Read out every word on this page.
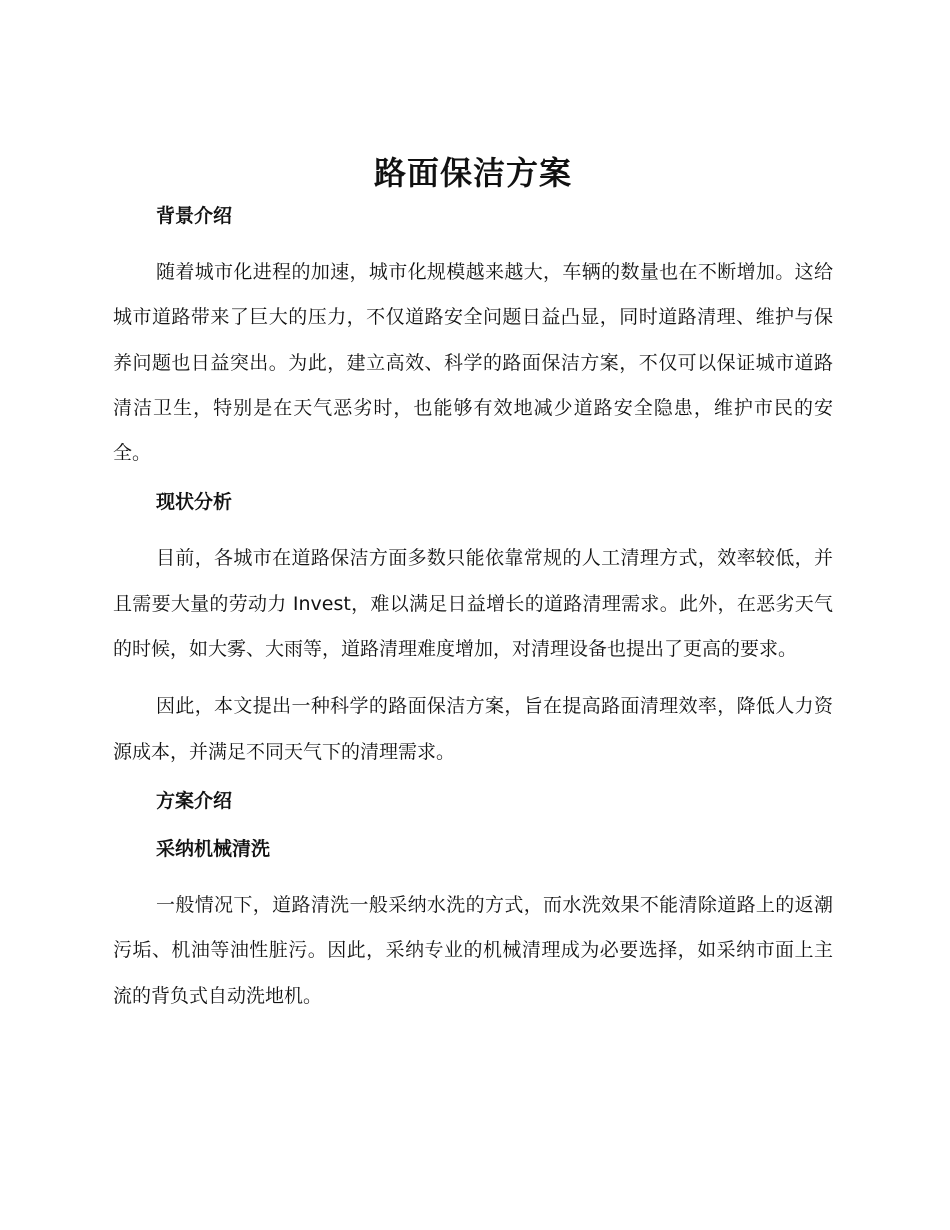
路面保洁方案
背景介绍

随着城市化进程的加速，城市化规模越来越大，车辆的数量也在不断增加。这给城市道路带来了巨大的压力，不仅道路安全问题日益凸显，同时道路清理、维护与保养问题也日益突出。为此，建立高效、科学的路面保洁方案，不仅可以保证城市道路清洁卫生，特别是在天气恶劣时，也能够有效地减少道路安全隐患，维护市民的安全。

现状分析

目前，各城市在道路保洁方面多数只能依靠常规的人工清理方式，效率较低，并且需要大量的劳动力 Invest，难以满足日益增长的道路清理需求。此外，在恶劣天气的时候，如大雾、大雨等，道路清理难度增加，对清理设备也提出了更高的要求。

因此，本文提出一种科学的路面保洁方案，旨在提高路面清理效率，降低人力资源成本，并满足不同天气下的清理需求。

方案介绍
采纳机械清洗

一般情况下，道路清洗一般采纳水洗的方式，而水洗效果不能清除道路上的返潮污垢、机油等油性脏污。因此，采纳专业的机械清理成为必要选择，如采纳市面上主流的背负式自动洗地机。
